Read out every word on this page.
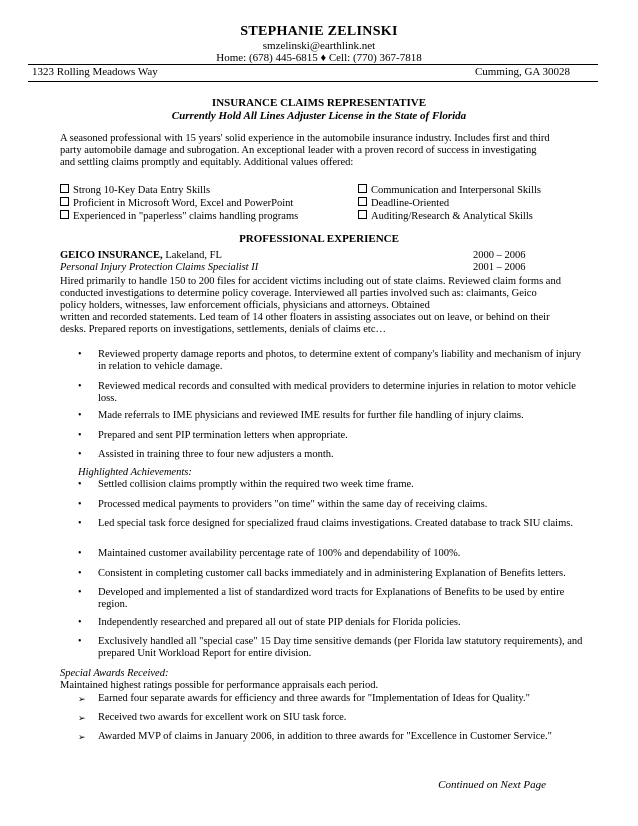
STEPHANIE ZELINSKI
smzelinski@earthlink.net
Home: (678) 445-6815 ♦ Cell: (770) 367-7818
1323 Rolling Meadows Way	Cumming, GA 30028
INSURANCE CLAIMS REPRESENTATIVE
Currently Hold All Lines Adjuster License in the State of Florida

A seasoned professional with 15 years' solid experience in the automobile insurance industry. Includes first and third party automobile damage and subrogation. An exceptional leader with a proven record of success in investigating and settling claims promptly and equitably. Additional values offered:

Strong 10-Key Data Entry Skills
Proficient in Microsoft Word, Excel and PowerPoint
Experienced in "paperless" claims handling programs
Communication and Interpersonal Skills
Deadline-Oriented
Auditing/Research & Analytical Skills
PROFESSIONAL EXPERIENCE
GEICO INSURANCE, Lakeland, FL	2000 – 2006
Personal Injury Protection Claims Specialist II	2001 – 2006

Hired primarily to handle 150 to 200 files for accident victims including out of state claims. Reviewed claim forms and conducted investigations to determine policy coverage. Interviewed all parties involved such as: claimants, Geico policy holders, witnesses, law enforcement officials, physicians and attorneys. Obtained
written and recorded statements. Led team of 14 other floaters in assisting associates out on leave, or behind on their desks. Prepared reports on investigations, settlements, denials of claims etc…

• Reviewed property damage reports and photos, to determine extent of company's liability and mechanism of injury in relation to vehicle damage.
• Reviewed medical records and consulted with medical providers to determine injuries in relation to motor vehicle loss.
• Made referrals to IME physicians and reviewed IME results for further file handling of injury claims.
• Prepared and sent PIP termination letters when appropriate.
• Assisted in training three to four new adjusters a month.
Highlighted Achievements:
• Settled collision claims promptly within the required two week time frame.
• Processed medical payments to providers "on time" within the same day of receiving claims.
• Led special task force designed for specialized fraud claims investigations. Created database to track SIU claims.
• Maintained customer availability percentage rate of 100% and dependability of 100%.
• Consistent in completing customer call backs immediately and in administering Explanation of Benefits letters.
• Developed and implemented a list of standardized word tracts for Explanations of Benefits to be used by entire region.
• Independently researched and prepared all out of state PIP denials for Florida policies.
• Exclusively handled all "special case" 15 Day time sensitive demands (per Florida law statutory requirements), and prepared Unit Workload Report for entire division.
Special Awards Received:
Maintained highest ratings possible for performance appraisals each period.
➢ Earned four separate awards for efficiency and three awards for "Implementation of Ideas for Quality."
➢ Received two awards for excellent work on SIU task force.
➢ Awarded MVP of claims in January 2006, in addition to three awards for "Excellence in Customer Service."
Continued on Next Page
